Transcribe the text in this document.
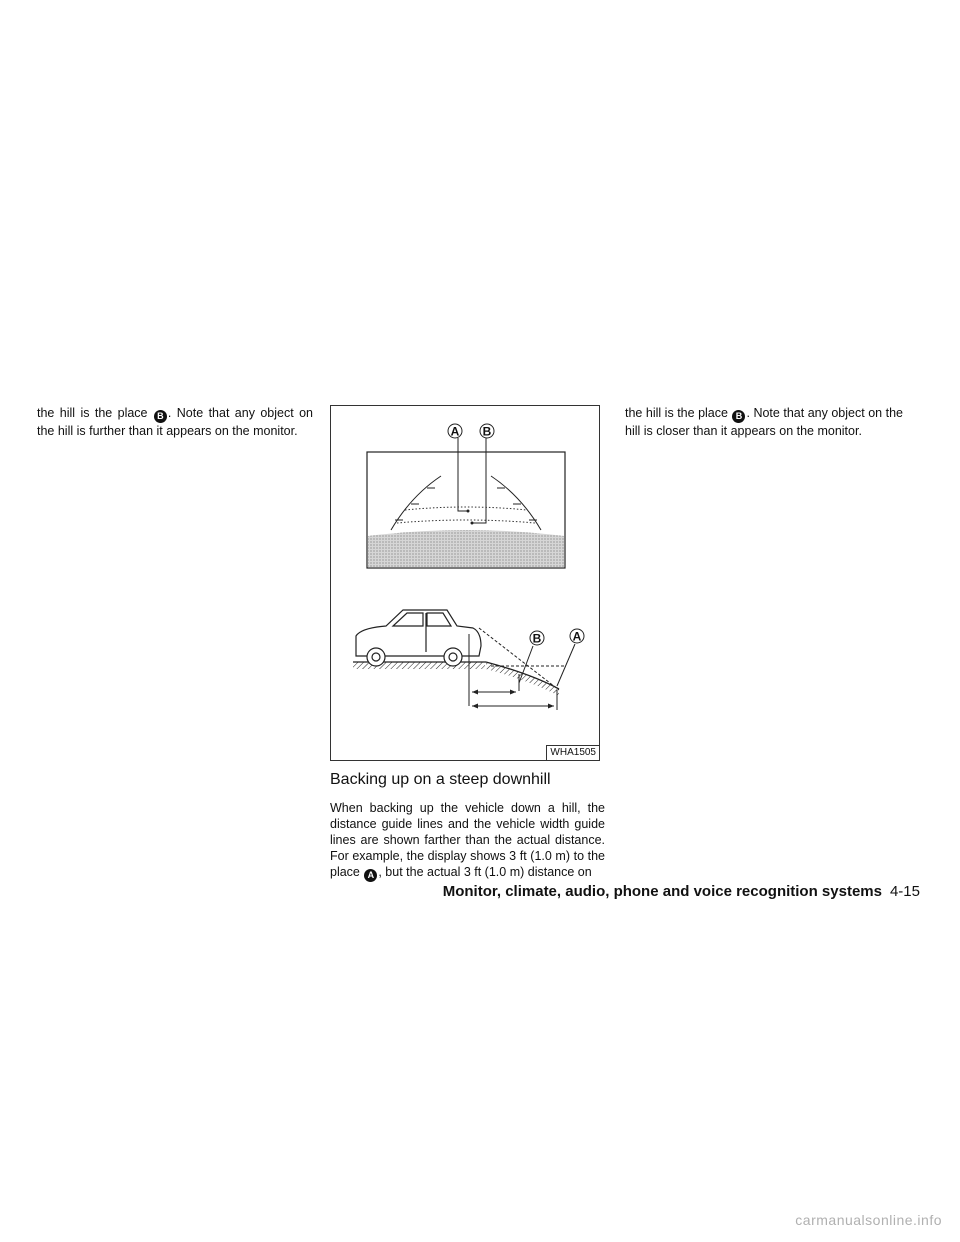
the hill is the place B . Note that any object on the hill is further than it appears on the monitor.	A B
B	A
WHA1505
Backing up on a steep downhill

When backing up the vehicle down a hill, the distance guide lines and the vehicle width guide lines are shown farther than the actual distance. For example, the display shows 3 ft (1.0 m) to the place A , but the actual 3 ft (1.0 m) distance on

the hill is the place B . Note that any object on the hill is closer than it appears on the monitor.

Monitor, climate, audio, phone and voice recognition systems 4-15
carmanualsonline.info
